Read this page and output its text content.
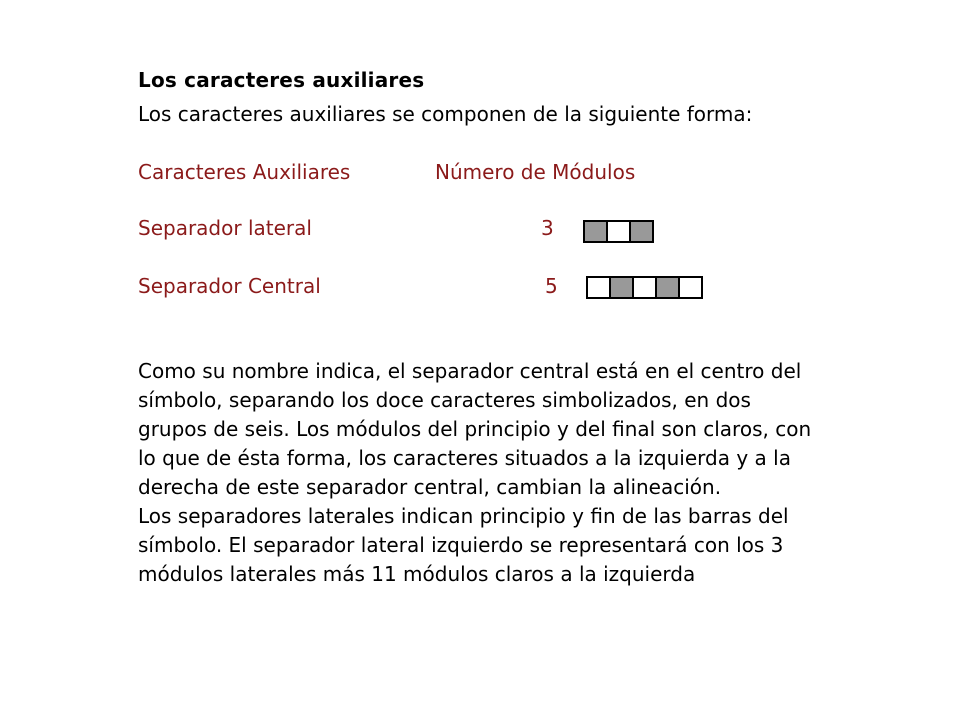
Los caracteres auxiliares
Los caracteres auxiliares se componen de la siguiente forma:
Caracteres Auxiliares	Número de Módulos
Separador lateral	3
Separador Central	5

Como su nombre indica, el separador central está en el centro del símbolo, separando los doce caracteres simbolizados, en dos grupos de seis. Los módulos del principio y del final son claros, con lo que de ésta forma, los caracteres situados a la izquierda y a la derecha de este separador central, cambian la alineación.

Los separadores laterales indican principio y fin de las barras del símbolo. El separador lateral izquierdo se representará con los 3 módulos laterales más 11 módulos claros a la izquierda
